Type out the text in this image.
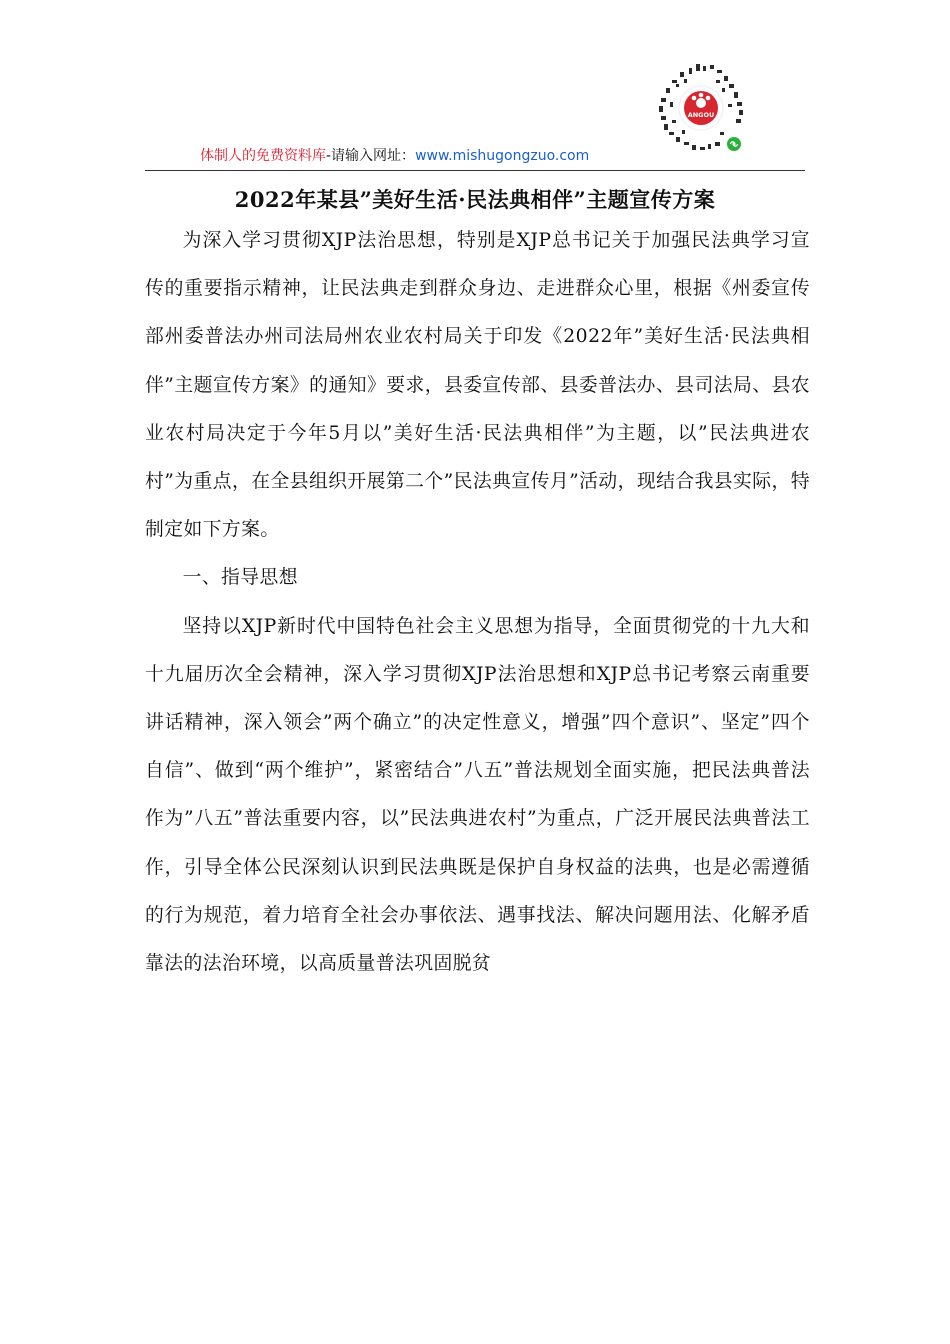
ANGOU
体制人的免费资料库-请输入网址：www.mishugongzuo.com
2022年某县”美好生活·民法典相伴”主题宣传方案

为深入学习贯彻XJP法治思想，特别是XJP总书记关于加强民法典学习宣传的重要指示精神，让民法典走到群众身边、走进群众心里，根据《州委宣传部州委普法办州司法局州农业农村局关于印发《2022年”美好生活·民法典相伴”主题宣传方案》的通知》要求，县委宣传部、县委普法办、县司法局、县农业农村局决定于今年5月以”美好生活·民法典相伴”为主题，以”民法典进农村”为重点，在全县组织开展第二个”民法典宣传月”活动，现结合我县实际，特制定如下方案。

一、指导思想

坚持以XJP新时代中国特色社会主义思想为指导，全面贯彻党的十九大和十九届历次全会精神，深入学习贯彻XJP法治思想和XJP总书记考察云南重要讲话精神，深入领会”两个确立”的决定性意义，增强”四个意识”、坚定”四个自信”、做到“两个维护”，紧密结合”八五”普法规划全面实施，把民法典普法作为”八五”普法重要内容，以”民法典进农村”为重点，广泛开展民法典普法工作，引导全体公民深刻认识到民法典既是保护自身权益的法典，也是必需遵循的行为规范，着力培育全社会办事依法、遇事找法、解决问题用法、化解矛盾靠法的法治环境，以高质量普法巩固脱贫
